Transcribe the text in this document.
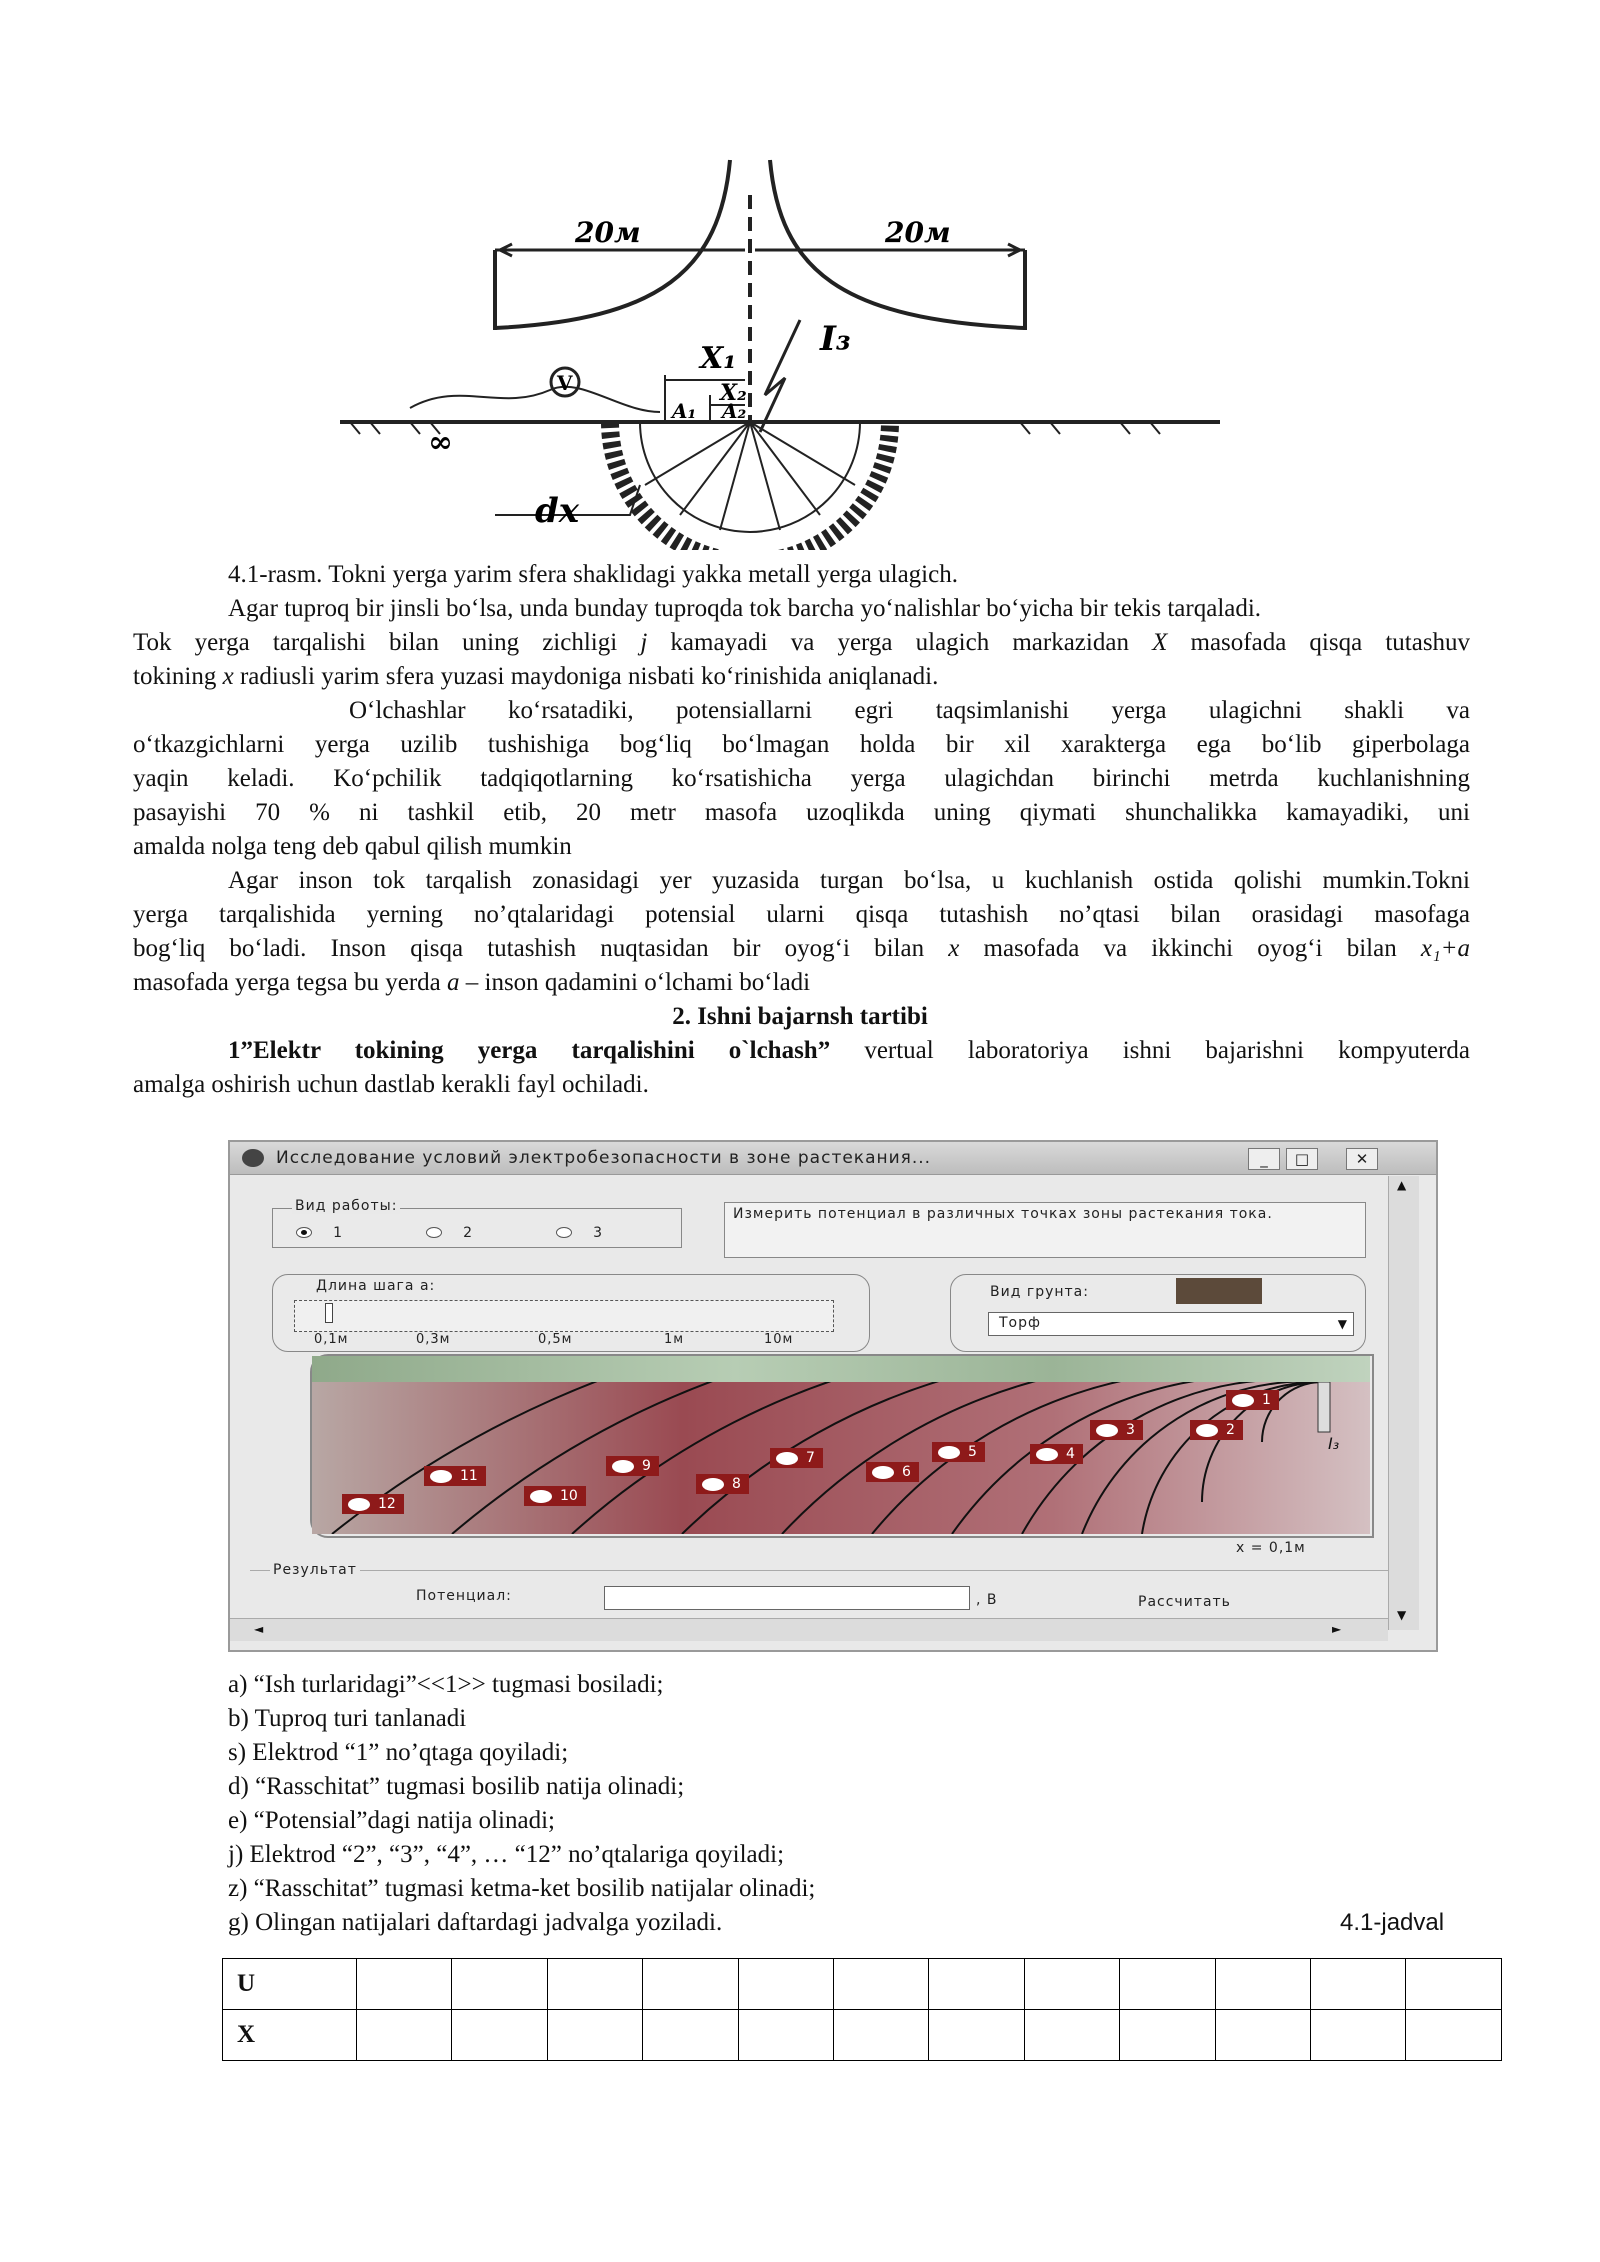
20м	20м
X₁
X₂
I₃
A₁ A₂
V
∞
dx
4.1-rasm. Tokni yerga yarim sfera shaklidagi yakka metall yerga ulagich.
Agar tuproq bir jinsli bo‘lsa, unda bunday tuproqda tok barcha yo‘nalishlar bo‘yicha bir tekis tarqaladi.
Tok yerga tarqalishi bilan uning zichligi j kamayadi va yerga ulagich markazidan X masofada qisqa tutashuv
tokining x radiusli yarim sfera yuzasi maydoniga nisbati ko‘rinishida aniqlanadi.
O‘lchashlar ko‘rsatadiki, potensiallarni egri taqsimlanishi yerga ulagichni shakli va
o‘tkazgichlarni yerga uzilib tushishiga bog‘liq bo‘lmagan holda bir xil xarakterga ega bo‘lib giperbolaga
yaqin keladi. Ko‘pchilik tadqiqotlarning ko‘rsatishicha yerga ulagichdan birinchi metrda kuchlanishning
pasayishi 70 % ni tashkil etib, 20 metr masofa uzoqlikda uning qiymati shunchalikka kamayadiki, uni
amalda nolga teng deb qabul qilish mumkin
Agar inson tok tarqalish zonasidagi yer yuzasida turgan bo‘lsa, u kuchlanish ostida qolishi mumkin.Tokni
yerga tarqalishida yerning no’qtalaridagi potensial ularni qisqa tutashish no’qtasi bilan orasidagi masofaga
bog‘liq bo‘ladi. Inson qisqa tutashish nuqtasidan bir oyog‘i bilan x masofada va ikkinchi oyog‘i bilan x₁+a
masofada yerga tegsa bu yerda a – inson qadamini o‘lchami bo‘ladi
2. Ishni bajarnsh tartibi
1”Elektr tokining yerga tarqalishini o`lchash” vertual laboratoriya ishni bajarishni kompyuterda
amalga oshirish uchun dastlab kerakli fayl ochiladi.
Исследование условий электробезопасности в зоне растекания...	_	□	✕
Вид работы:
1	2	3
Измерить потенциал в различных точках зоны растекания тока.
Длина шага а:
0,1м	0,3м	0,5м	1м	10м
Вид грунта:
Торф	▼
I₃
1
2
3
4
5
6
7
8
9
10
11
12
x = 0,1м
Результат
Потенциал:	, В	Рассчитать
▲
▼
◄	►
a) “Ish turlaridagi”<<1>> tugmasi bosiladi;
b) Tuproq turi tanlanadi
s) Elektrod “1” no’qtaga qoyiladi;
d) “Rasschitat” tugmasi bosilib natija olinadi;
e) “Potensial”dagi natija olinadi;
j) Elektrod “2”, “3”, “4”, … “12” no’qtalariga qoyiladi;
z) “Rasschitat” tugmasi ketma-ket bosilib natijalar olinadi;
g) Olingan natijalari daftardagi jadvalga yoziladi.	4.1-jadval
U												
X												
